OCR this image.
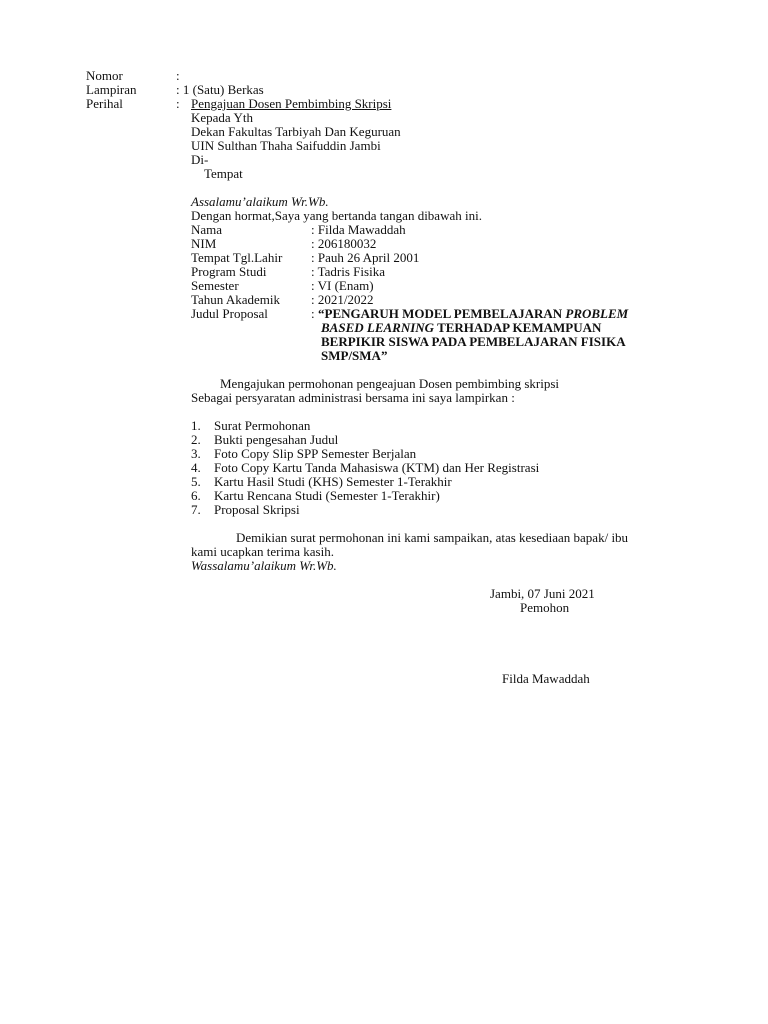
Nomor	:
Lampiran	: 1 (Satu) Berkas
Perihal	: Pengajuan Dosen Pembimbing Skripsi
Kepada Yth
Dekan Fakultas Tarbiyah Dan Keguruan
UIN Sulthan Thaha Saifuddin Jambi
Di-
Tempat
Assalamu’alaikum Wr.Wb.
Dengan hormat,Saya yang bertanda tangan dibawah ini.
Nama	: Filda Mawaddah
NIM	: 206180032
Tempat Tgl.Lahir : Pauh 26 April 2001
Program Studi	: Tadris Fisika
Semester	: VI (Enam)
Tahun Akademik : 2021/2022
Judul Proposal	: “PENGARUH MODEL PEMBELAJARAN PROBLEM
BASED LEARNING TERHADAP KEMAMPUAN
BERPIKIR SISWA PADA PEMBELAJARAN FISIKA
SMP/SMA”
Mengajukan permohonan pengeajuan Dosen pembimbing skripsi
Sebagai persyaratan administrasi bersama ini saya lampirkan :
1. Surat Permohonan
2. Bukti pengesahan Judul
3. Foto Copy Slip SPP Semester Berjalan
4. Foto Copy Kartu Tanda Mahasiswa (KTM) dan Her Registrasi
5. Kartu Hasil Studi (KHS) Semester 1-Terakhir
6. Kartu Rencana Studi (Semester 1-Terakhir)
7. Proposal Skripsi
Demikian surat permohonan ini kami sampaikan, atas kesediaan bapak/ ibu
kami ucapkan terima kasih.
Wassalamu’alaikum Wr.Wb.
Jambi, 07 Juni 2021
Pemohon
Filda Mawaddah
